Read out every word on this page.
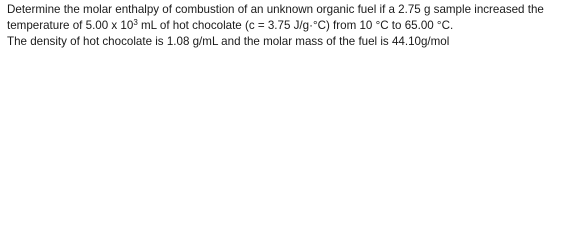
Determine the molar enthalpy of combustion of an unknown organic fuel if a 2.75 g sample increased the
temperature of 5.00 x $10^3$ mL of hot chocolate (c = 3.75 J/g·°C) from 10 °C to 65.00 °C.
The density of hot chocolate is 1.08 g/mL and the molar mass of the fuel is 44.10g/mol
